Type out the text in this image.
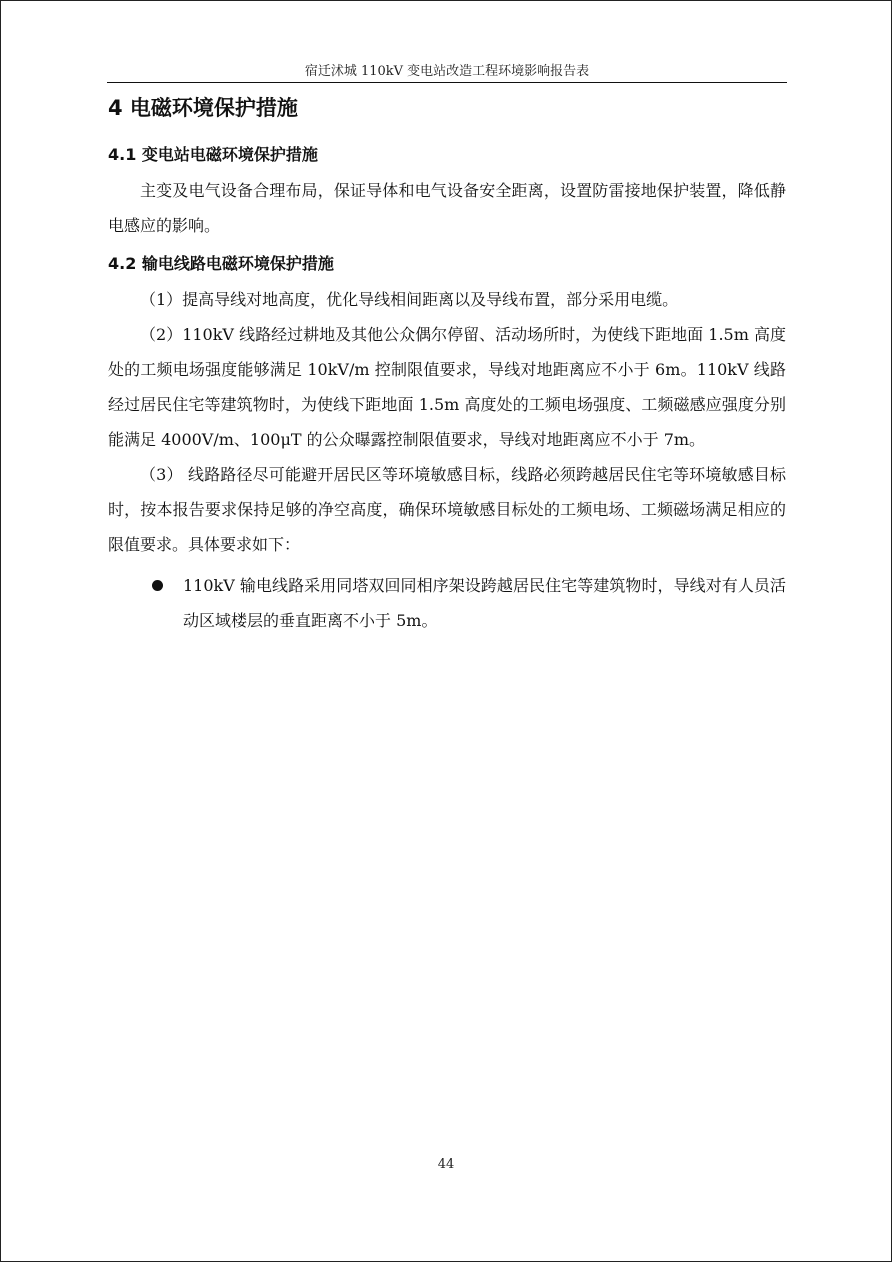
宿迁沭城 110kV 变电站改造工程环境影响报告表
4 电磁环境保护措施
4.1 变电站电磁环境保护措施

主变及电气设备合理布局，保证导体和电气设备安全距离，设置防雷接地保护装置，降低静电感应的影响。

4.2 输电线路电磁环境保护措施

（1）提高导线对地高度，优化导线相间距离以及导线布置，部分采用电缆。

（2）110kV 线路经过耕地及其他公众偶尔停留、活动场所时，为使线下距地面 1.5m 高度处的工频电场强度能够满足 10kV/m 控制限值要求，导线对地距离应不小于 6m。110kV 线路经过居民住宅等建筑物时，为使线下距地面 1.5m 高度处的工频电场强度、工频磁感应强度分别能满足 4000V/m、100μT 的公众曝露控制限值要求，导线对地距离应不小于 7m。

（3） 线路路径尽可能避开居民区等环境敏感目标，线路必须跨越居民住宅等环境敏感目标时，按本报告要求保持足够的净空高度，确保环境敏感目标处的工频电场、工频磁场满足相应的限值要求。具体要求如下：

110kV 输电线路采用同塔双回同相序架设跨越居民住宅等建筑物时，导线对有人员活动区域楼层的垂直距离不小于 5m。
44
